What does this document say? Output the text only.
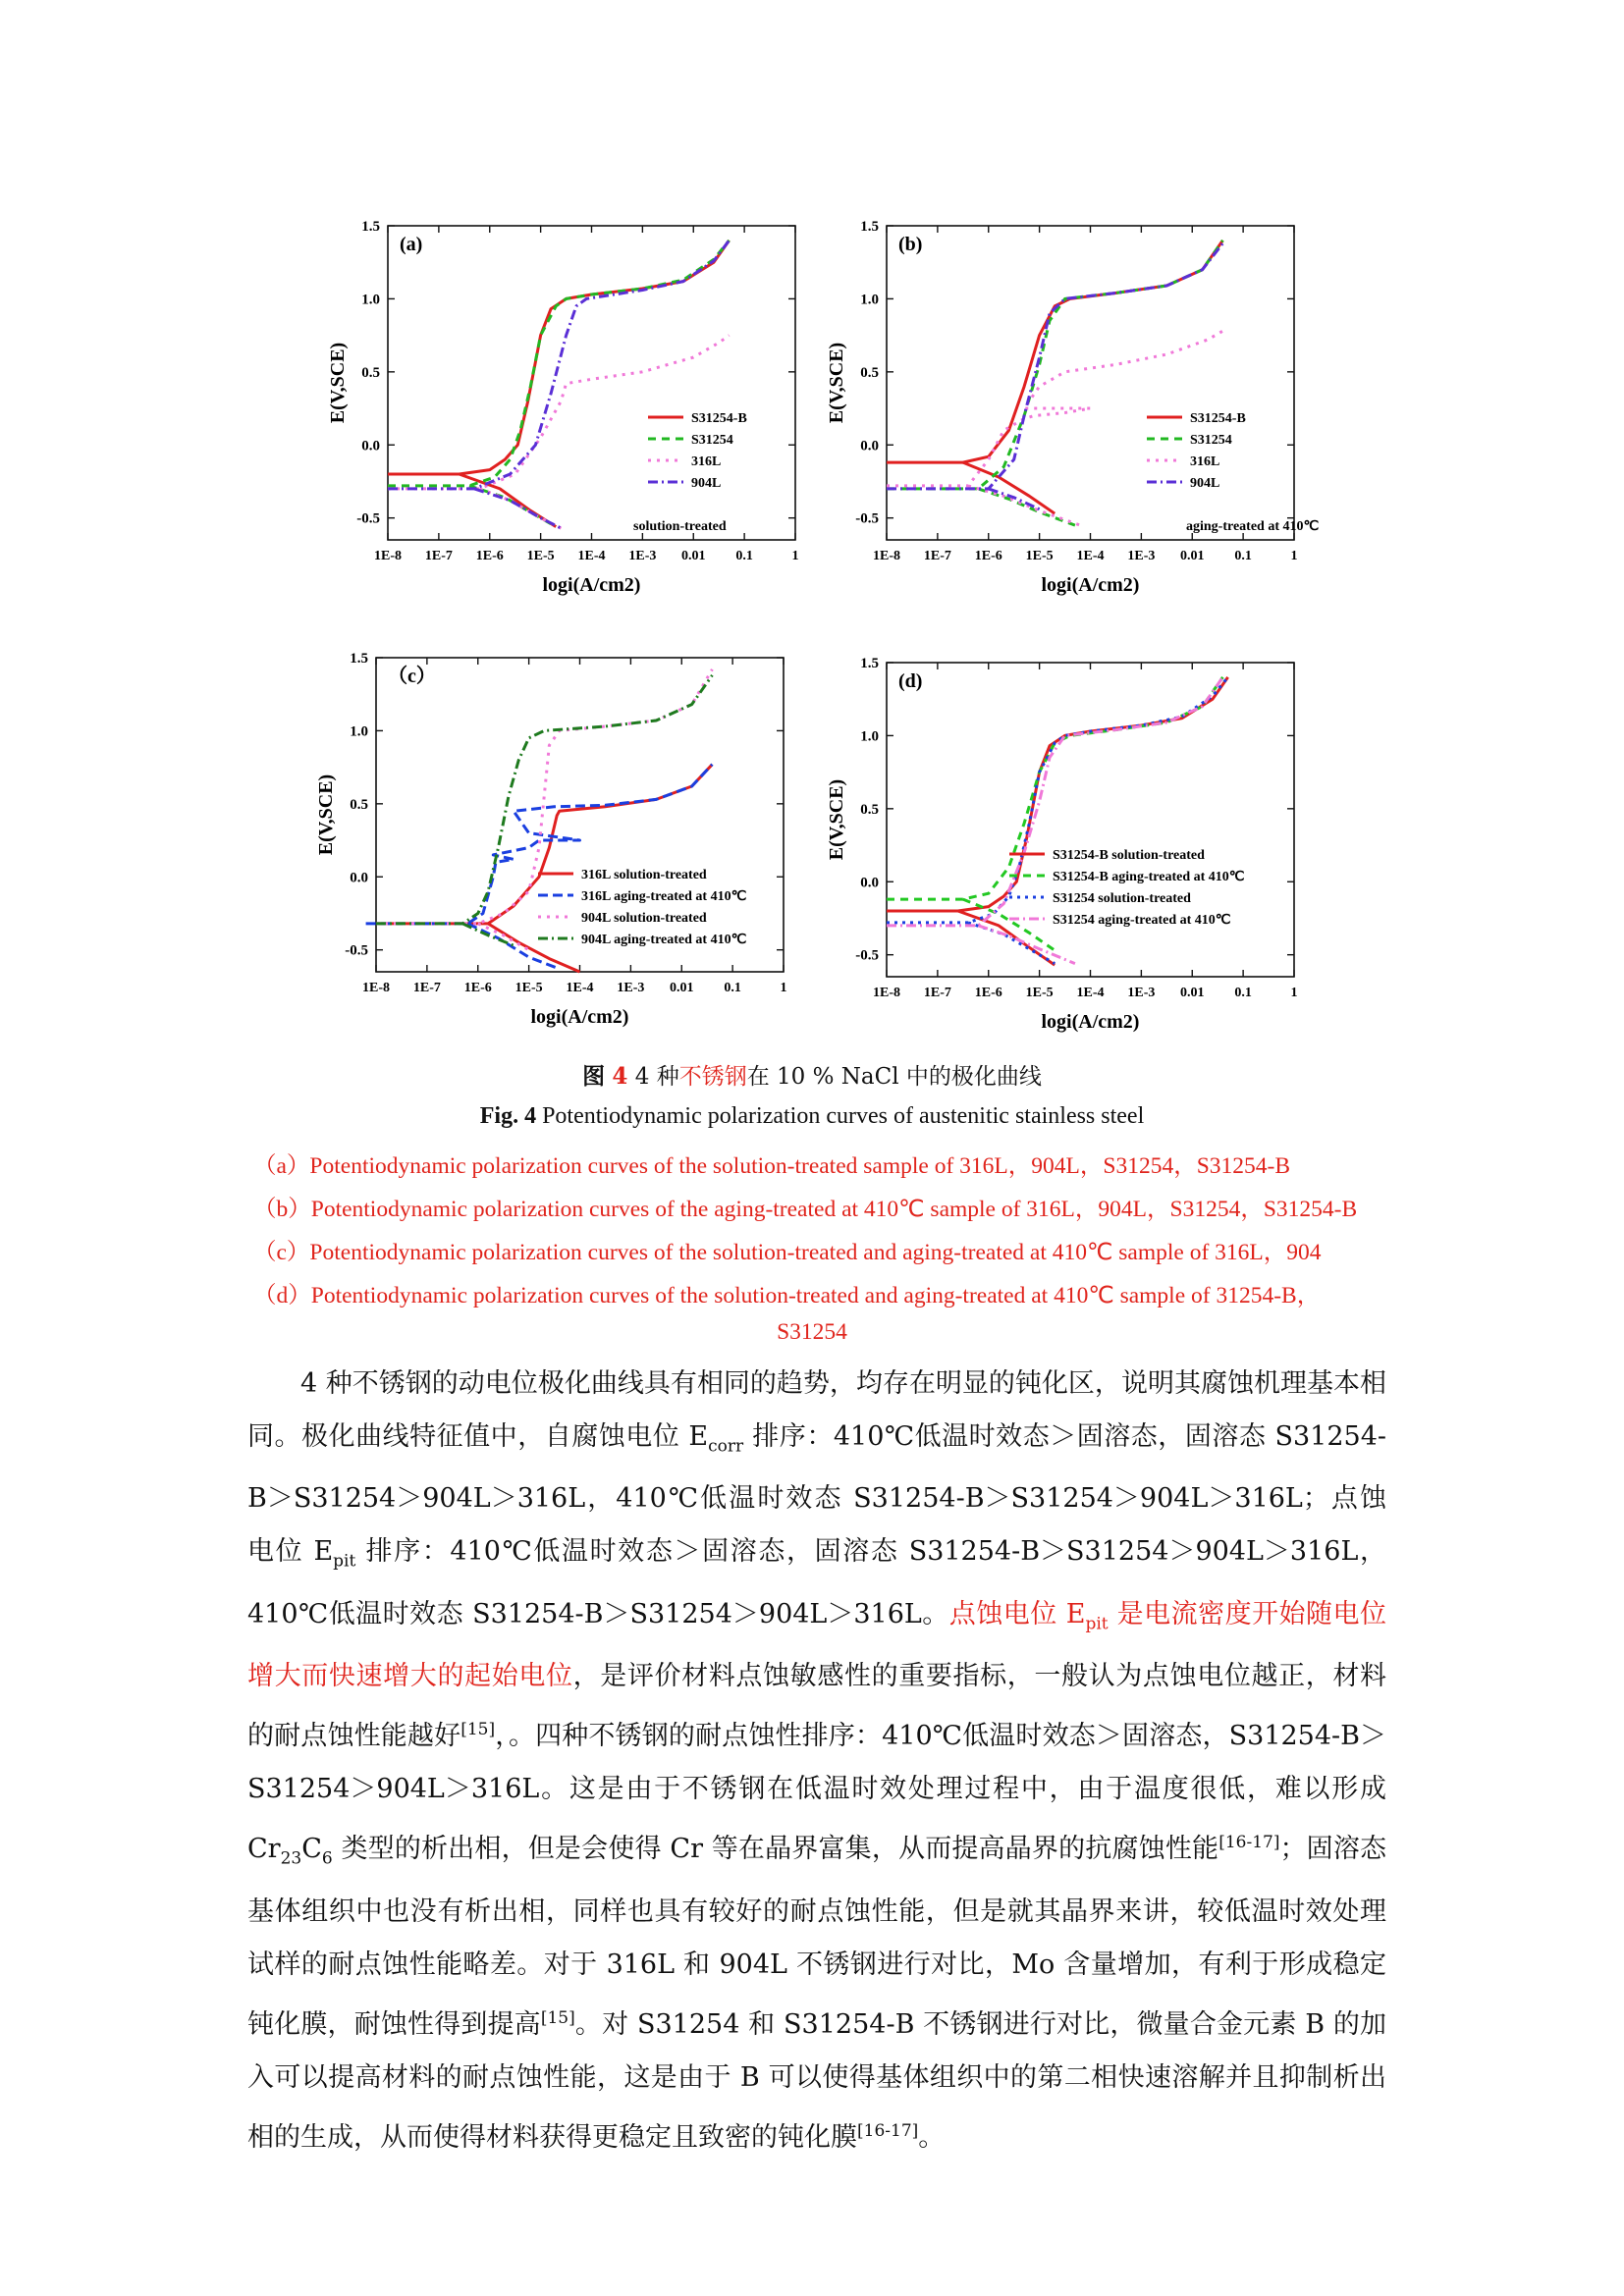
1E-8 1E-7 1E-6 1E-5 1E-4 1E-3 0.01 0.1	1
-0.5
0.0
0.5
1.0
1.5
logi(A/cm2)
E(V,SCE)
(a)
S31254-B
S31254
316L
904L
solution-treated
1E-8 1E-7 1E-6 1E-5 1E-4 1E-3 0.01 0.1	1
-0.5
0.0
0.5
1.0
1.5
logi(A/cm2)
E(V,SCE)
(b)
S31254-B
S31254
316L
904L
aging-treated at 410℃
1E-8 1E-7 1E-6 1E-5 1E-4 1E-3 0.01 0.1	1
-0.5
0.0
0.5
1.0
1.5
logi(A/cm2)
E(V,SCE)
（c）
316L solution-treated
316L aging-treated at 410℃
904L solution-treated
904L aging-treated at 410℃
1E-8 1E-7 1E-6 1E-5 1E-4 1E-3 0.01 0.1	1
-0.5
0.0
0.5
1.0
1.5
logi(A/cm2)
E(V,SCE)
(d)
S31254-B solution-treated
S31254-B aging-treated at 410℃
S31254 solution-treated
S31254 aging-treated at 410℃
图 4 4 种不锈钢在 10 % NaCl 中的极化曲线
Fig. 4 Potentiodynamic polarization curves of austenitic stainless steel
（a）Potentiodynamic polarization curves of the solution-treated sample of 316L，904L，S31254，S31254-B
（b）Potentiodynamic polarization curves of the aging-treated at 410℃ sample of 316L，904L，S31254，S31254-B
（c）Potentiodynamic polarization curves of the solution-treated and aging-treated at 410℃ sample of 316L，904
（d）Potentiodynamic polarization curves of the solution-treated and aging-treated at 410℃ sample of 31254-B，
S31254

4 种不锈钢的动电位极化曲线具有相同的趋势，均存在明显的钝化区，说明其腐蚀机理基本相同。极化曲线特征值中，自腐蚀电位 $E_{corr}$ 排序：410℃低温时效态＞固溶态，固溶态 S31254-B＞S31254＞904L＞316L，410℃低温时效态 S31254-B＞S31254＞904L＞316L；点蚀电位 $E_{pit}$ 排序：410℃低温时效态＞固溶态，固溶态 S31254-B＞S31254＞904L＞316L，410℃低温时效态 S31254-B＞S31254＞904L＞316L。点蚀电位 $E_{pit}$ 是电流密度开始随电位增大而快速增大的起始电位，是评价材料点蚀敏感性的重要指标，一般认为点蚀电位越正，材料的耐点蚀性能越好[15]，。四种不锈钢的耐点蚀性排序：410℃低温时效态＞固溶态，S31254-B＞S31254＞904L＞316L。这是由于不锈钢在低温时效处理过程中，由于温度很低，难以形成 $Cr_{23}C_6$ 类型的析出相，但是会使得 Cr 等在晶界富集，从而提高晶界的抗腐蚀性能[16-17]；固溶态基体组织中也没有析出相，同样也具有较好的耐点蚀性能，但是就其晶界来讲，较低温时效处理试样的耐点蚀性能略差。对于 316L 和 904L 不锈钢进行对比，Mo 含量增加，有利于形成稳定钝化膜，耐蚀性得到提高[15]。对 S31254 和 S31254-B 不锈钢进行对比，微量合金元素 B 的加入可以提高材料的耐点蚀性能，这是由于 B 可以使得基体组织中的第二相快速溶解并且抑制析出相的生成，从而使得材料获得更稳定且致密的钝化膜[16-17]。
